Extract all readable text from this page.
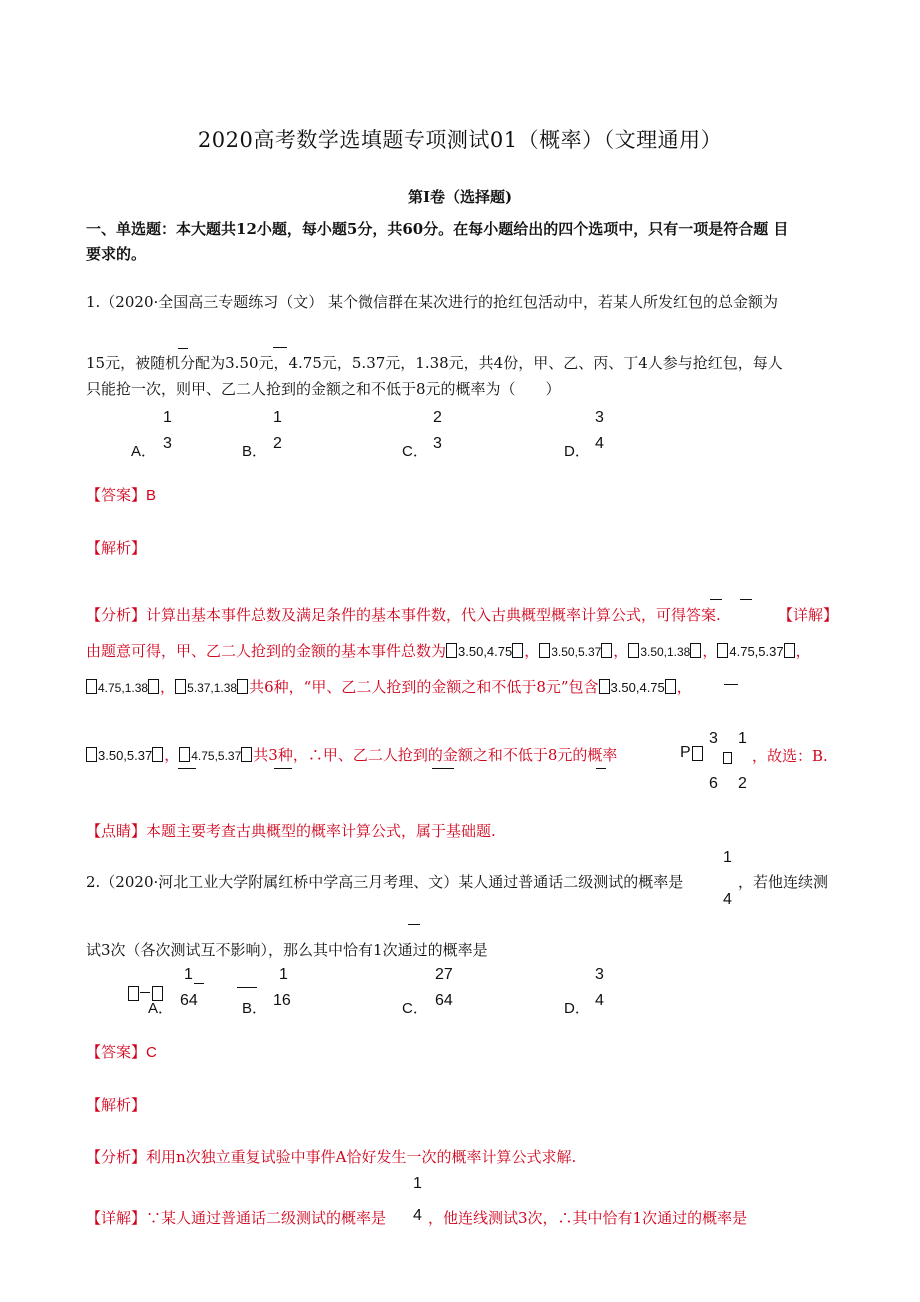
2020高考数学选填题专项测试01（概率）（文理通用）
第Ⅰ卷（选择题)
一、单选题：本大题共12小题，每小题5分，共60分。在每小题给出的四个选项中，只有一项是符合题 目
要求的。
1.（2020·全国高三专题练习（文） 某个微信群在某次进行的抢红包活动中，若某人所发红包的总金额为
15元，被随机分配为3.50元，4.75元，5.37元，1.38元，共4份，甲、乙、丙、丁4人参与抢红包，每人
只能抢一次，则甲、乙二人抢到的金额之和不低于8元的概率为（　　）
A．
1
3	B．
1
2	C．
2
3	D．
3
4
【答案】B
【解析】
【分析】计算出基本事件总数及满足条件的基本事件数，代入古典概型概率计算公式，可得答案.	【详解】
由题意可得，甲、乙二人抢到的金额的基本事件总数为 3.50,4.75 ， 3.50,5.37 ， 3.50,1.38 ， 4.75,5.37 ，
4.75,1.38 ， 5.37,1.38 共6种，“甲、乙二人抢到的金额之和不低于8元”包含 3.50,4.75 ，
3.50,5.37 ， 4.75,5.37 共3种，∴甲、乙二人抢到的金额之和不低于8元的概率	P
3
6
1
2
，故选：B.
【点睛】本题主要考查古典概型的概率计算公式，属于基础题.
2.（2020·河北工业大学附属红桥中学高三月考理、文）某人通过普通话二级测试的概率是
1
4
，若他连续测
试3次（各次测试互不影响），那么其中恰有1次通过的概率是
A．
1
64	B．
1
16	C．
27
64	D．
3
4
【答案】C
【解析】
【分析】利用n次独立重复试验中事件A恰好发生一次的概率计算公式求解.
1
4
【详解】∵某人通过普通话二级测试的概率是	，他连线测试3次，∴其中恰有1次通过的概率是
